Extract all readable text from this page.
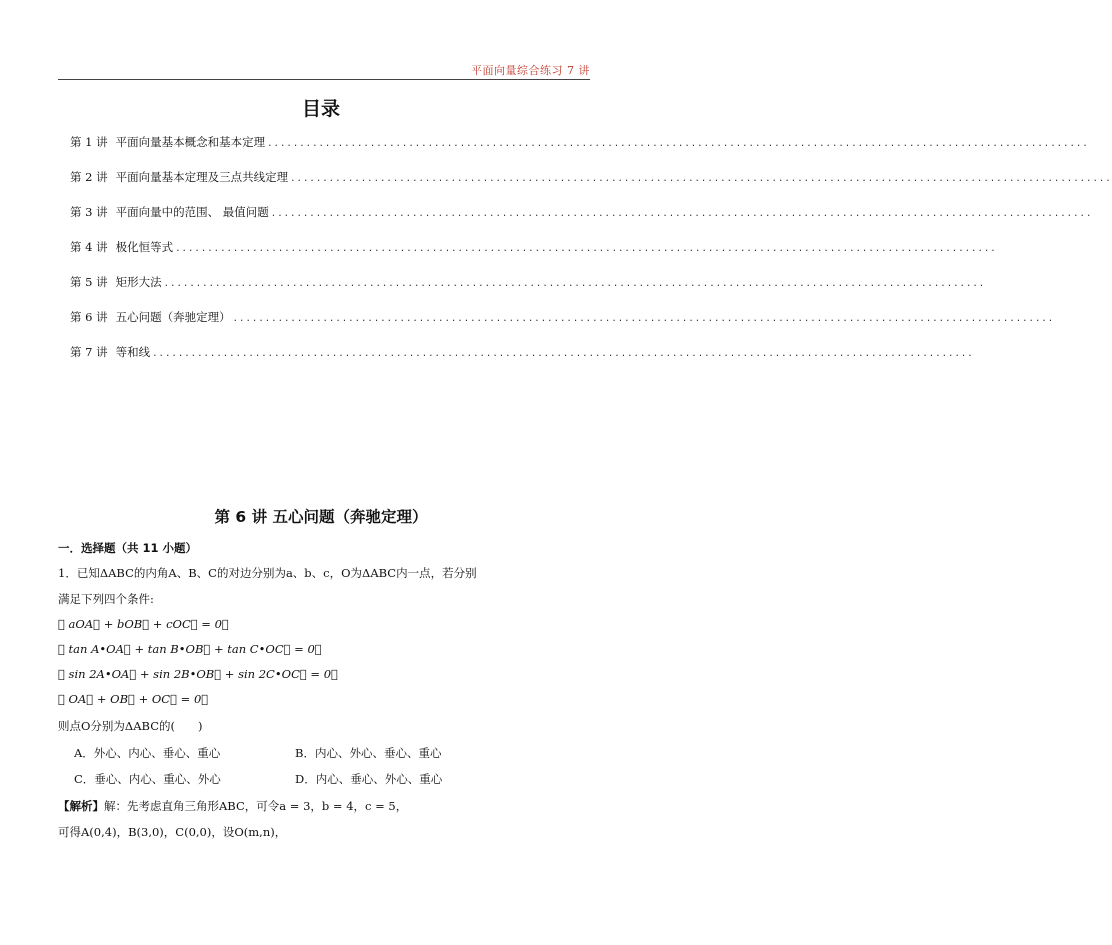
平面向量综合练习 7 讲
目录
第 1 讲 平面向量基本概念和基本定理 ................................................................................................................................
第 2 讲 平面向量基本定理及三点共线定理 ................................................................................................................................
第 3 讲 平面向量中的范围、 最值问题 ................................................................................................................................
第 4 讲 极化恒等式 ................................................................................................................................
第 5 讲 矩形大法 ................................................................................................................................
第 6 讲 五心问题（奔驰定理） ................................................................................................................................
第 7 讲 等和线 ................................................................................................................................
第 6 讲 五心问题（奔驰定理）
一．选择题（共 11 小题）
1．已知ΔABC的内角A、B、C的对边分别为a、b、c，O为ΔABC内一点，若分别
满足下列四个条件:
① aOA⃗ + bOB⃗ + cOC⃗ = 0⃗
② tan A•OA⃗ + tan B•OB⃗ + tan C•OC⃗ = 0⃗
③ sin 2A•OA⃗ + sin 2B•OB⃗ + sin 2C•OC⃗ = 0⃗
④ OA⃗ + OB⃗ + OC⃗ = 0⃗
则点O分别为ΔABC的(　　)
A．外心、内心、垂心、重心	B．内心、外心、垂心、重心
C．垂心、内心、重心、外心	D．内心、垂心、外心、重心
【解析】解：先考虑直角三角形ABC，可令a = 3，b = 4，c = 5，
可得A(0,4)，B(3,0)，C(0,0)，设O(m,n)，
